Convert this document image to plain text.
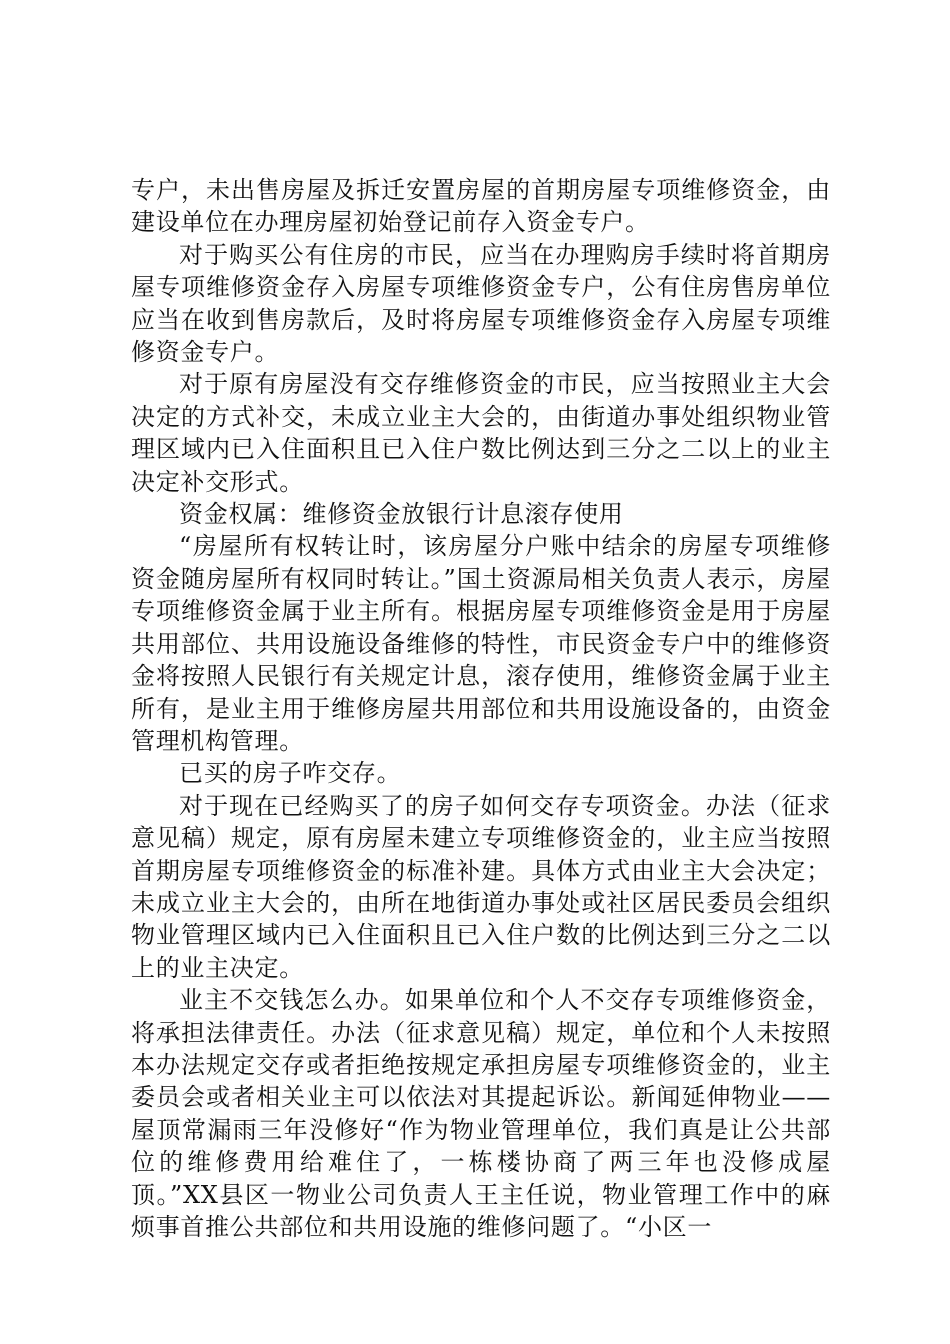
专户，未出售房屋及拆迁安置房屋的首期房屋专项维修资金，由建设单位在办理房屋初始登记前存入资金专户。

对于购买公有住房的市民，应当在办理购房手续时将首期房屋专项维修资金存入房屋专项维修资金专户，公有住房售房单位应当在收到售房款后，及时将房屋专项维修资金存入房屋专项维修资金专户。

对于原有房屋没有交存维修资金的市民，应当按照业主大会决定的方式补交，未成立业主大会的，由街道办事处组织物业管理区域内已入住面积且已入住户数比例达到三分之二以上的业主决定补交形式。

资金权属：维修资金放银行计息滚存使用

“房屋所有权转让时，该房屋分户账中结余的房屋专项维修资金随房屋所有权同时转让。”国土资源局相关负责人表示，房屋专项维修资金属于业主所有。根据房屋专项维修资金是用于房屋共用部位、共用设施设备维修的特性，市民资金专户中的维修资金将按照人民银行有关规定计息，滚存使用，维修资金属于业主所有，是业主用于维修房屋共用部位和共用设施设备的，由资金管理机构管理。

已买的房子咋交存。

对于现在已经购买了的房子如何交存专项资金。办法（征求意见稿）规定，原有房屋未建立专项维修资金的，业主应当按照首期房屋专项维修资金的标准补建。具体方式由业主大会决定；未成立业主大会的，由所在地街道办事处或社区居民委员会组织物业管理区域内已入住面积且已入住户数的比例达到三分之二以上的业主决定。

业主不交钱怎么办。如果单位和个人不交存专项维修资金，将承担法律责任。办法（征求意见稿）规定，单位和个人未按照本办法规定交存或者拒绝按规定承担房屋专项维修资金的，业主委员会或者相关业主可以依法对其提起诉讼。新闻延伸物业——屋顶常漏雨三年没修好“作为物业管理单位，我们真是让公共部位的维修费用给难住了，一栋楼协商了两三年也没修成屋顶。”XX县区一物业公司负责人王主任说，物业管理工作中的麻烦事首推公共部位和共用设施的维修问题了。“小区一
